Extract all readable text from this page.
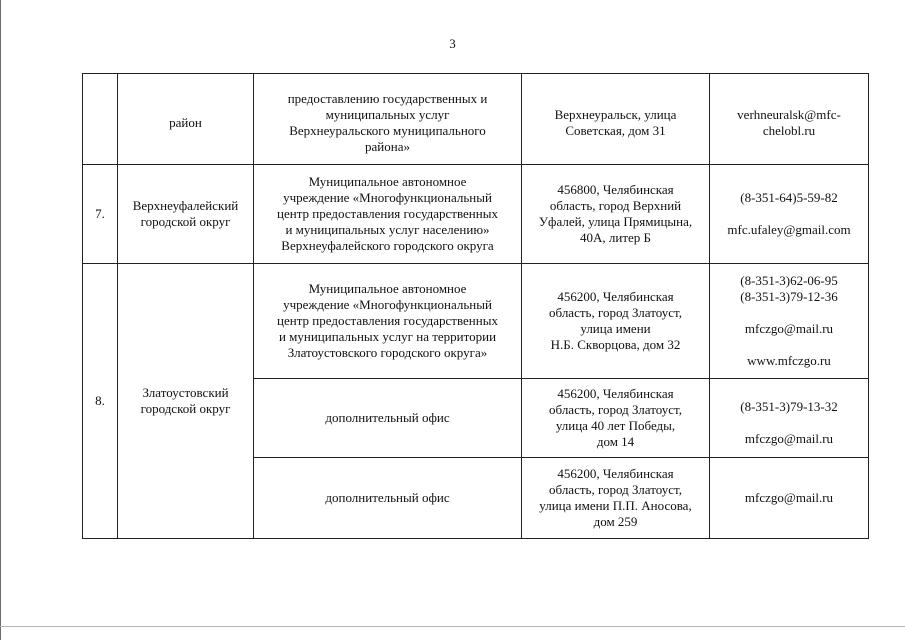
3

	район	предоставлению государственных и
муниципальных услуг
Верхнеуральского муниципального
района»	Верхнеуральск, улица
Советская, дом 31	verhneuralsk@mfc-
chelobl.ru

7.	Верхнеуфалейский
городской округ	Муниципальное автономное
учреждение «Многофункциональный
центр предоставления государственных
и муниципальных услуг населению»
Верхнеуфалейского городского округа	456800, Челябинская
область, город Верхний
Уфалей, улица Прямицына,
40А, литер Б	(8-351-64)5-59-82
mfc.ufaley@gmail.com

8.	Златоустовский
городской округ	Муниципальное автономное
учреждение «Многофункциональный
центр предоставления государственных
и муниципальных услуг на территории
Златоустовского городского округа»	456200, Челябинская
область, город Златоуст,
улица имени
Н.Б. Скворцова, дом 32	(8-351-3)62-06-95
(8-351-3)79-12-36
mfczgo@mail.ru
www.mfczgo.ru

		дополнительный офис	456200, Челябинская
область, город Златоуст,
улица 40 лет Победы,
дом 14	(8-351-3)79-13-32
mfczgo@mail.ru

		дополнительный офис	456200, Челябинская
область, город Златоуст,
улица имени П.П. Аносова,
дом 259	mfczgo@mail.ru
